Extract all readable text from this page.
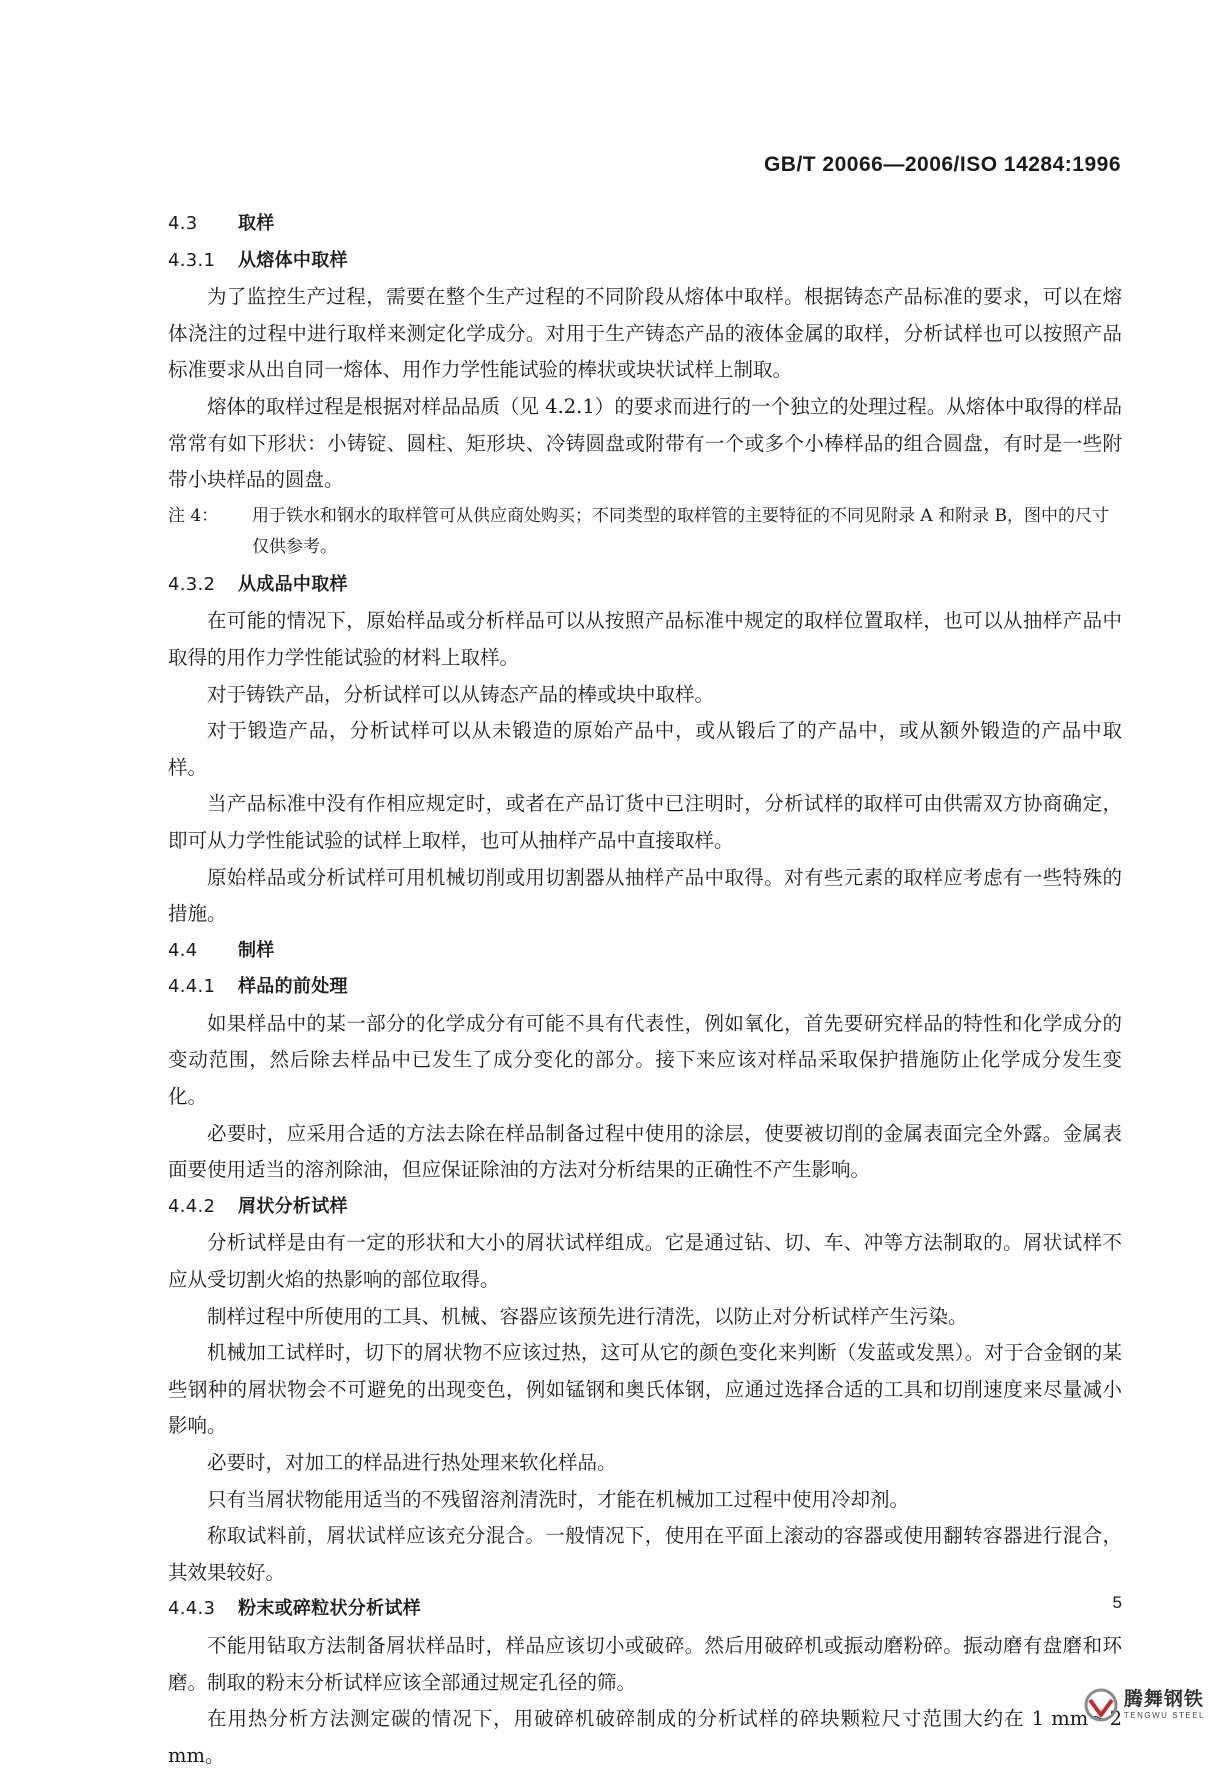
GB/T 20066—2006/ISO 14284:1996
4.3 取样
4.3.1 从熔体中取样
为了监控生产过程，需要在整个生产过程的不同阶段从熔体中取样。根据铸态产品标准的要求，可以在熔体浇注的过程中进行取样来测定化学成分。对用于生产铸态产品的液体金属的取样，分析试样也可以按照产品标准要求从出自同一熔体、用作力学性能试验的棒状或块状试样上制取。
熔体的取样过程是根据对样品品质（见 4.2.1）的要求而进行的一个独立的处理过程。从熔体中取得的样品常常有如下形状：小铸锭、圆柱、矩形块、冷铸圆盘或附带有一个或多个小棒样品的组合圆盘，有时是一些附带小块样品的圆盘。
注 4： 用于铁水和钢水的取样管可从供应商处购买；不同类型的取样管的主要特征的不同见附录 A 和附录 B，图中的尺寸仅供参考。
4.3.2 从成品中取样
在可能的情况下，原始样品或分析样品可以从按照产品标准中规定的取样位置取样，也可以从抽样产品中取得的用作力学性能试验的材料上取样。
对于铸铁产品，分析试样可以从铸态产品的棒或块中取样。
对于锻造产品，分析试样可以从未锻造的原始产品中，或从锻后了的产品中，或从额外锻造的产品中取样。
当产品标准中没有作相应规定时，或者在产品订货中已注明时，分析试样的取样可由供需双方协商确定，即可从力学性能试验的试样上取样，也可从抽样产品中直接取样。
原始样品或分析试样可用机械切削或用切割器从抽样产品中取得。对有些元素的取样应考虑有一些特殊的措施。
4.4 制样
4.4.1 样品的前处理
如果样品中的某一部分的化学成分有可能不具有代表性，例如氧化，首先要研究样品的特性和化学成分的变动范围，然后除去样品中已发生了成分变化的部分。接下来应该对样品采取保护措施防止化学成分发生变化。
必要时，应采用合适的方法去除在样品制备过程中使用的涂层，使要被切削的金属表面完全外露。金属表面要使用适当的溶剂除油，但应保证除油的方法对分析结果的正确性不产生影响。
4.4.2 屑状分析试样
分析试样是由有一定的形状和大小的屑状试样组成。它是通过钻、切、车、冲等方法制取的。屑状试样不应从受切割火焰的热影响的部位取得。
制样过程中所使用的工具、机械、容器应该预先进行清洗，以防止对分析试样产生污染。
机械加工试样时，切下的屑状物不应该过热，这可从它的颜色变化来判断（发蓝或发黑）。对于合金钢的某些钢种的屑状物会不可避免的出现变色，例如锰钢和奥氏体钢，应通过选择合适的工具和切削速度来尽量减小影响。
必要时，对加工的样品进行热处理来软化样品。
只有当屑状物能用适当的不残留溶剂清洗时，才能在机械加工过程中使用冷却剂。
称取试料前，屑状试样应该充分混合。一般情况下，使用在平面上滚动的容器或使用翻转容器进行混合，其效果较好。
4.4.3 粉末或碎粒状分析试样
不能用钻取方法制备屑状样品时，样品应该切小或破碎。然后用破碎机或振动磨粉碎。振动磨有盘磨和环磨。制取的粉末分析试样应该全部通过规定孔径的筛。
在用热分析方法测定碳的情况下，用破碎机破碎制成的分析试样的碎块颗粒尺寸范围大约在 1 mm～2 mm。
5
腾舞钢铁
TENGWU STEEL
